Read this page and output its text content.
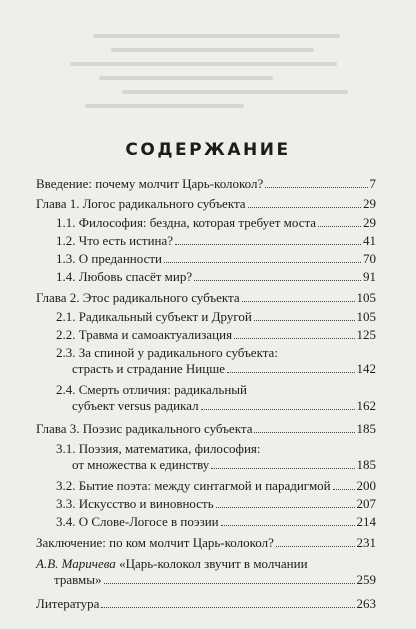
СОДЕРЖАНИЕ
Введение: почему молчит Царь-колокол?	7
Глава 1. Логос радикального субъекта	29
1.1. Философия: бездна, которая требует моста	29
1.2. Что есть истина?	41
1.3. О преданности	70
1.4. Любовь спасёт мир?	91
Глава 2. Этос радикального субъекта	105
2.1. Радикальный субъект и Другой	105
2.2. Травма и самоактуализация	125
2.3. За спиной у радикального субъекта:
страсть и страдание Ницше	142
2.4. Смерть отличия: радикальный
субъект versus радикал	162
Глава 3. Поэзис радикального субъекта	185
3.1. Поэзия, математика, философия:
от множества к единству	185
3.2. Бытие поэта: между синтагмой и парадигмой 200
3.3. Искусство и виновность	207
3.4. О Слове-Логосе в поэзии	214
Заключение: по ком молчит Царь-колокол?	231
А.В. Маричева «Царь-колокол звучит в молчании
травмы»	259
Литература	263
